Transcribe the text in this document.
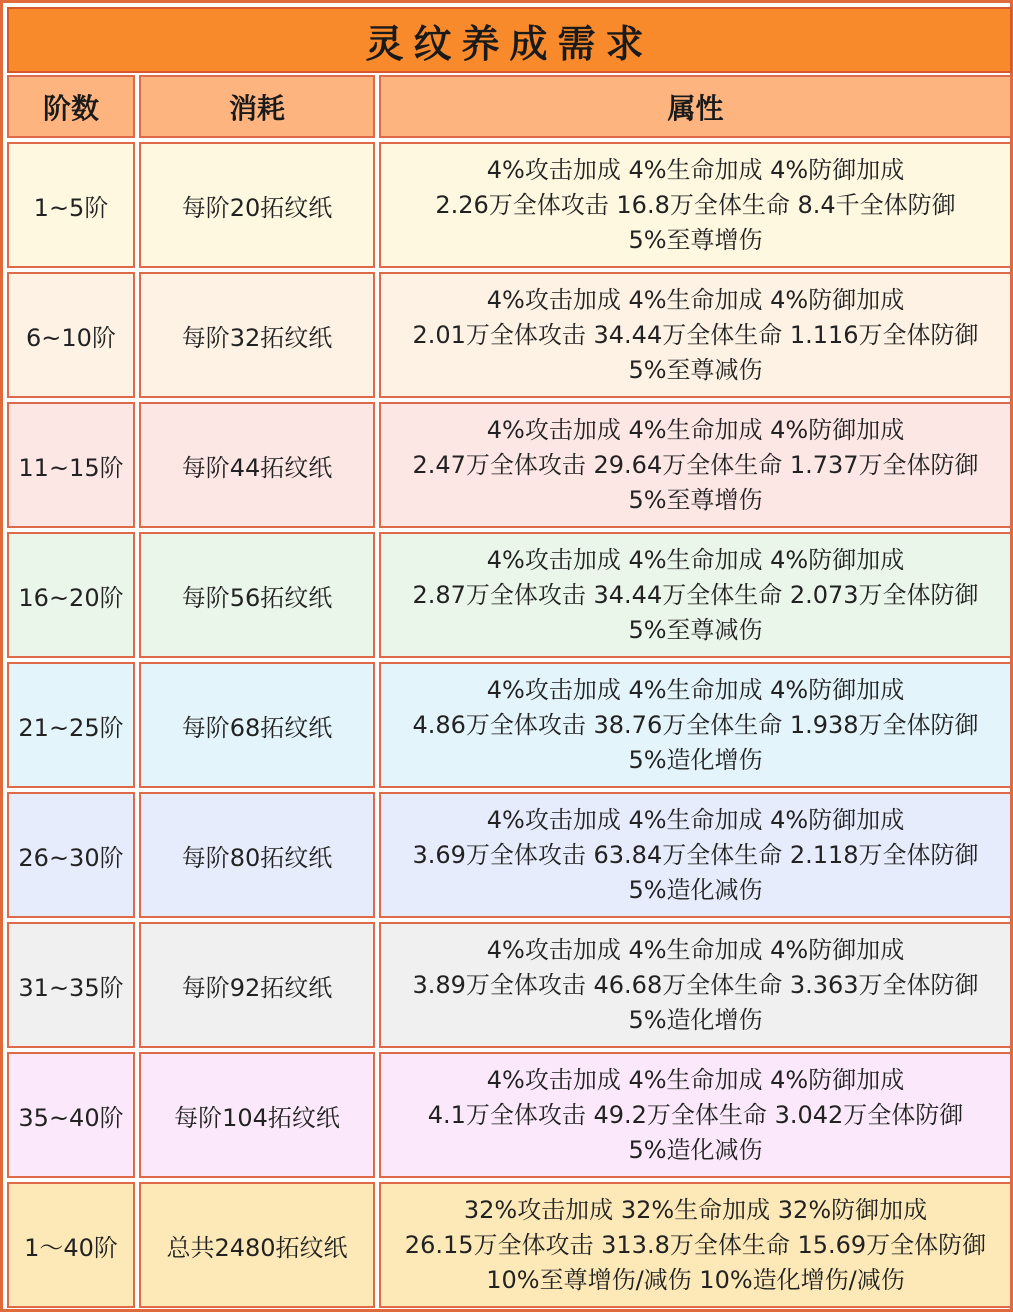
灵纹养成需求
阶数	消耗	属性
1~5阶	每阶20拓纹纸
4%攻击加成 4%生命加成 4%防御加成
2.26万全体攻击 16.8万全体生命 8.4千全体防御
5%至尊增伤
6~10阶	每阶32拓纹纸
4%攻击加成 4%生命加成 4%防御加成
2.01万全体攻击 34.44万全体生命 1.116万全体防御
5%至尊减伤
11~15阶	每阶44拓纹纸
4%攻击加成 4%生命加成 4%防御加成
2.47万全体攻击 29.64万全体生命 1.737万全体防御
5%至尊增伤
16~20阶	每阶56拓纹纸
4%攻击加成 4%生命加成 4%防御加成
2.87万全体攻击 34.44万全体生命 2.073万全体防御
5%至尊减伤
21~25阶	每阶68拓纹纸
4%攻击加成 4%生命加成 4%防御加成
4.86万全体攻击 38.76万全体生命 1.938万全体防御
5%造化增伤
26~30阶	每阶80拓纹纸
4%攻击加成 4%生命加成 4%防御加成
3.69万全体攻击 63.84万全体生命 2.118万全体防御
5%造化减伤
31~35阶	每阶92拓纹纸
4%攻击加成 4%生命加成 4%防御加成
3.89万全体攻击 46.68万全体生命 3.363万全体防御
5%造化增伤
35~40阶	每阶104拓纹纸
4%攻击加成 4%生命加成 4%防御加成
4.1万全体攻击 49.2万全体生命 3.042万全体防御
5%造化减伤
1～40阶	总共2480拓纹纸
32%攻击加成 32%生命加成 32%防御加成
26.15万全体攻击 313.8万全体生命 15.69万全体防御
10%至尊增伤/减伤 10%造化增伤/减伤
